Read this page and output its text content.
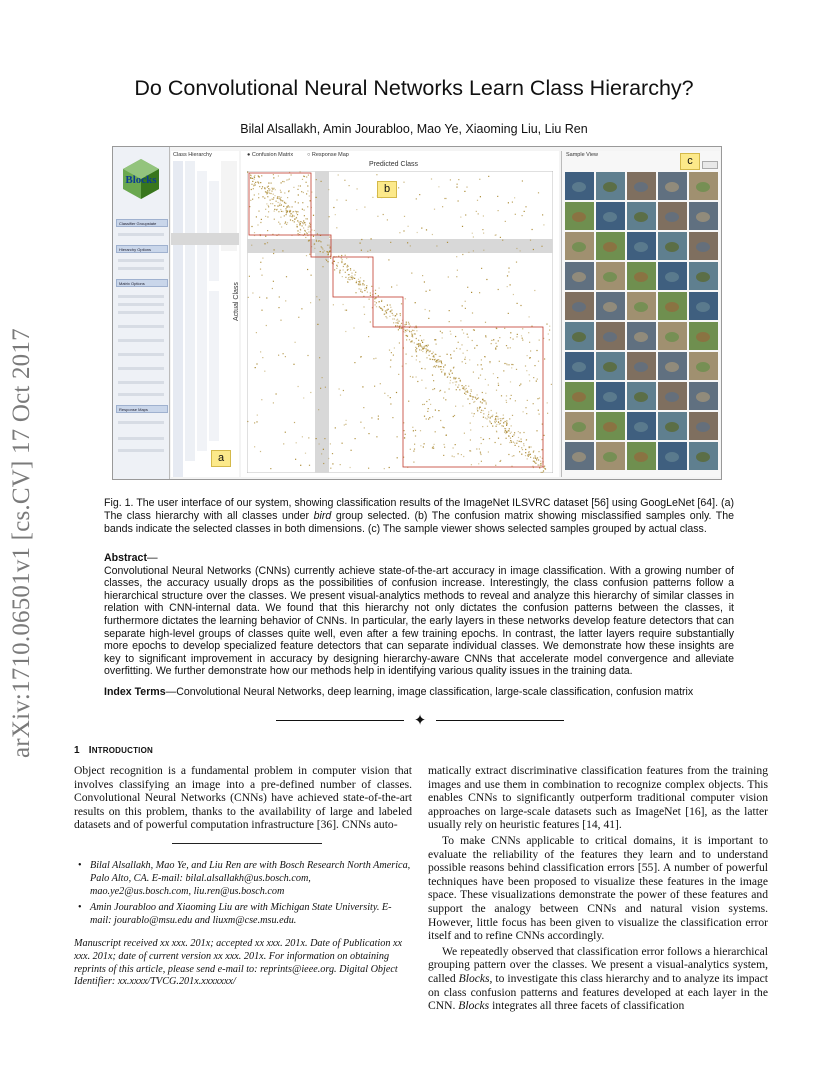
arXiv:1710.06501v1 [cs.CV] 17 Oct 2017
Do Convolutional Neural Networks Learn Class Hierarchy?
Bilal Alsallakh, Amin Jourabloo, Mao Ye, Xiaoming Liu, Liu Ren
Blocks
Classifier Groupstate
Hierarchy Options
Matrix Options
Response Maps
Class Hierarchy
a
● Confusion Matrix	○ Response Map
Predicted Class
Actual Class
b
Sample View	c
Fig. 1. The user interface of our system, showing classification results of the ImageNet ILSVRC dataset [56] using GoogLeNet [64]. (a) The class hierarchy with all classes under bird group selected. (b) The confusion matrix showing misclassified samples only. The bands indicate the selected classes in both dimensions. (c) The sample viewer shows selected samples grouped by actual class.
Abstract—
Convolutional Neural Networks (CNNs) currently achieve state-of-the-art accuracy in image classification. With a growing number of classes, the accuracy usually drops as the possibilities of confusion increase. Interestingly, the class confusion patterns follow a hierarchical structure over the classes. We present visual-analytics methods to reveal and analyze this hierarchy of similar classes in relation with CNN-internal data. We found that this hierarchy not only dictates the confusion patterns between the classes, it furthermore dictates the learning behavior of CNNs. In particular, the early layers in these networks develop feature detectors that can separate high-level groups of classes quite well, even after a few training epochs. In contrast, the latter layers require substantially more epochs to develop specialized feature detectors that can separate individual classes. We demonstrate how these insights are key to significant improvement in accuracy by designing hierarchy-aware CNNs that accelerate model convergence and alleviate overfitting. We further demonstrate how our methods help in identifying various quality issues in the training data.
Index Terms—Convolutional Neural Networks, deep learning, image classification, large-scale classification, confusion matrix
✦
1 INTRODUCTION
Object recognition is a fundamental problem in computer vision that involves classifying an image into a pre-defined number of classes. Convolutional Neural Networks (CNNs) have achieved state-of-the-art results on this problem, thanks to the availability of large and labeled datasets and of powerful computation infrastructure [36]. CNNs auto-
• Bilal Alsallakh, Mao Ye, and Liu Ren are with Bosch Research North America, Palo Alto, CA. E-mail: bilal.alsallakh@us.bosch.com, mao.ye2@us.bosch.com, liu.ren@us.bosch.com
• Amin Jourabloo and Xiaoming Liu are with Michigan State University. E-mail: jourablo@msu.edu and liuxm@cse.msu.edu.
Manuscript received xx xxx. 201x; accepted xx xxx. 201x. Date of Publication xx xxx. 201x; date of current version xx xxx. 201x. For information on obtaining reprints of this article, please send e-mail to: reprints@ieee.org. Digital Object Identifier: xx.xxxx/TVCG.201x.xxxxxxx/

matically extract discriminative classification features from the training images and use them in combination to recognize complex objects. This enables CNNs to significantly outperform traditional computer vision approaches on large-scale datasets such as ImageNet [16], as the latter usually rely on heuristic features [14, 41].

To make CNNs applicable to critical domains, it is important to evaluate the reliability of the features they learn and to understand possible reasons behind classification errors [55]. A number of powerful techniques have been proposed to visualize these features in the image space. These visualizations demonstrate the power of these features and support the analogy between CNNs and natural vision systems. However, little focus has been given to visualize the classification error itself and to refine CNNs accordingly.

We repeatedly observed that classification error follows a hierarchical grouping pattern over the classes. We present a visual-analytics system, called Blocks, to investigate this class hierarchy and to analyze its impact on class confusion patterns and features developed at each layer in the CNN. Blocks integrates all three facets of classification
